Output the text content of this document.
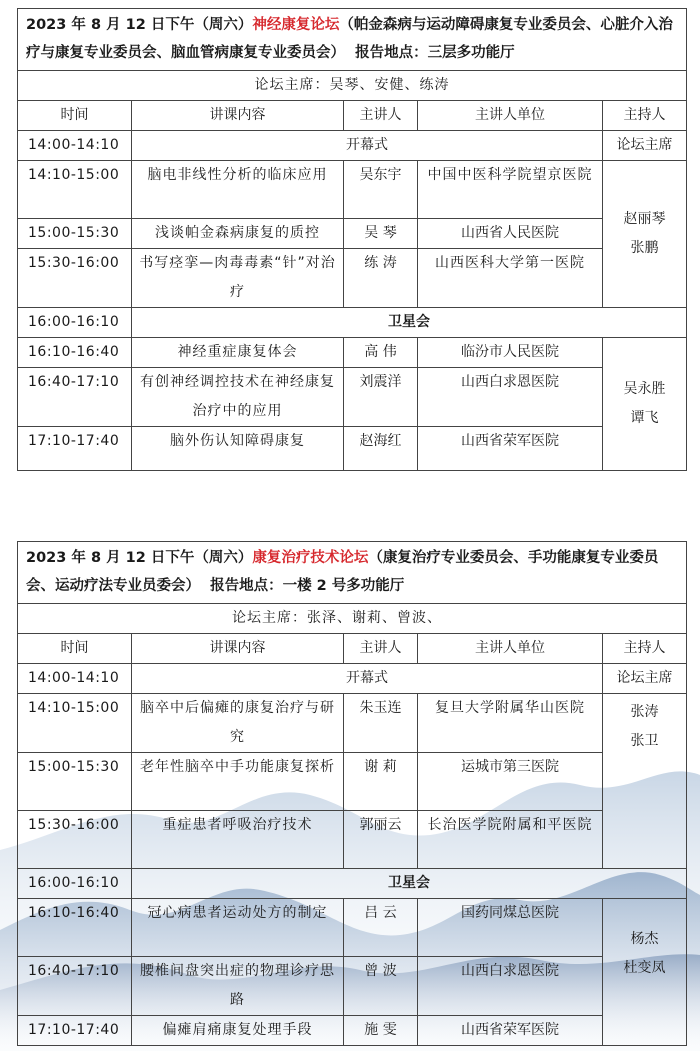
2023 年 8 月 12 日下午（周六）神经康复论坛（帕金森病与运动障碍康复专业委员会、心脏介入治疗与康复专业委员会、脑血管病康复专业委员会） 报告地点：三层多功能厅				
论坛主席：吴琴、安健、练涛				
时间	讲课内容	主讲人	主讲人单位	主持人
14:00-14:10	开幕式			论坛主席
14:10-15:00	脑电非线性分析的临床应用	吴东宇	中国中医科学院望京医院	赵丽琴
张鹏

15:00-15:30	浅谈帕金森病康复的质控	吴 琴	山西省人民医院	
15:30-16:00	书写痉挛—肉毒毒素“针”对治疗	练 涛	山西医科大学第一医院	
16:00-16:10	卫星会			
16:10-16:40	神经重症康复体会	高 伟	临汾市人民医院	吴永胜
谭飞

16:40-17:10	有创神经调控技术在神经康复治疗中的应用	刘震洋	山西白求恩医院	
17:10-17:40	脑外伤认知障碍康复	赵海红	山西省荣军医院	
2023 年 8 月 12 日下午（周六）康复治疗技术论坛（康复治疗专业委员会、手功能康复专业委员会、运动疗法专业员委会） 报告地点：一楼 2 号多功能厅				
论坛主席：张泽、谢莉、曾波、				
时间	讲课内容	主讲人	主讲人单位	主持人
14:00-14:10	开幕式			论坛主席
14:10-15:00	脑卒中后偏瘫的康复治疗与研究	朱玉连	复旦大学附属华山医院	张涛
张卫

15:00-15:30	老年性脑卒中手功能康复探析	谢 莉	运城市第三医院	
15:30-16:00	重症患者呼吸治疗技术	郭丽云	长治医学院附属和平医院	
16:00-16:10	卫星会			
16:10-16:40	冠心病患者运动处方的制定	吕 云	国药同煤总医院	杨杰
杜变凤

16:40-17:10	腰椎间盘突出症的物理诊疗思路	曾 波	山西白求恩医院	
17:10-17:40	偏瘫肩痛康复处理手段	施 雯	山西省荣军医院	
